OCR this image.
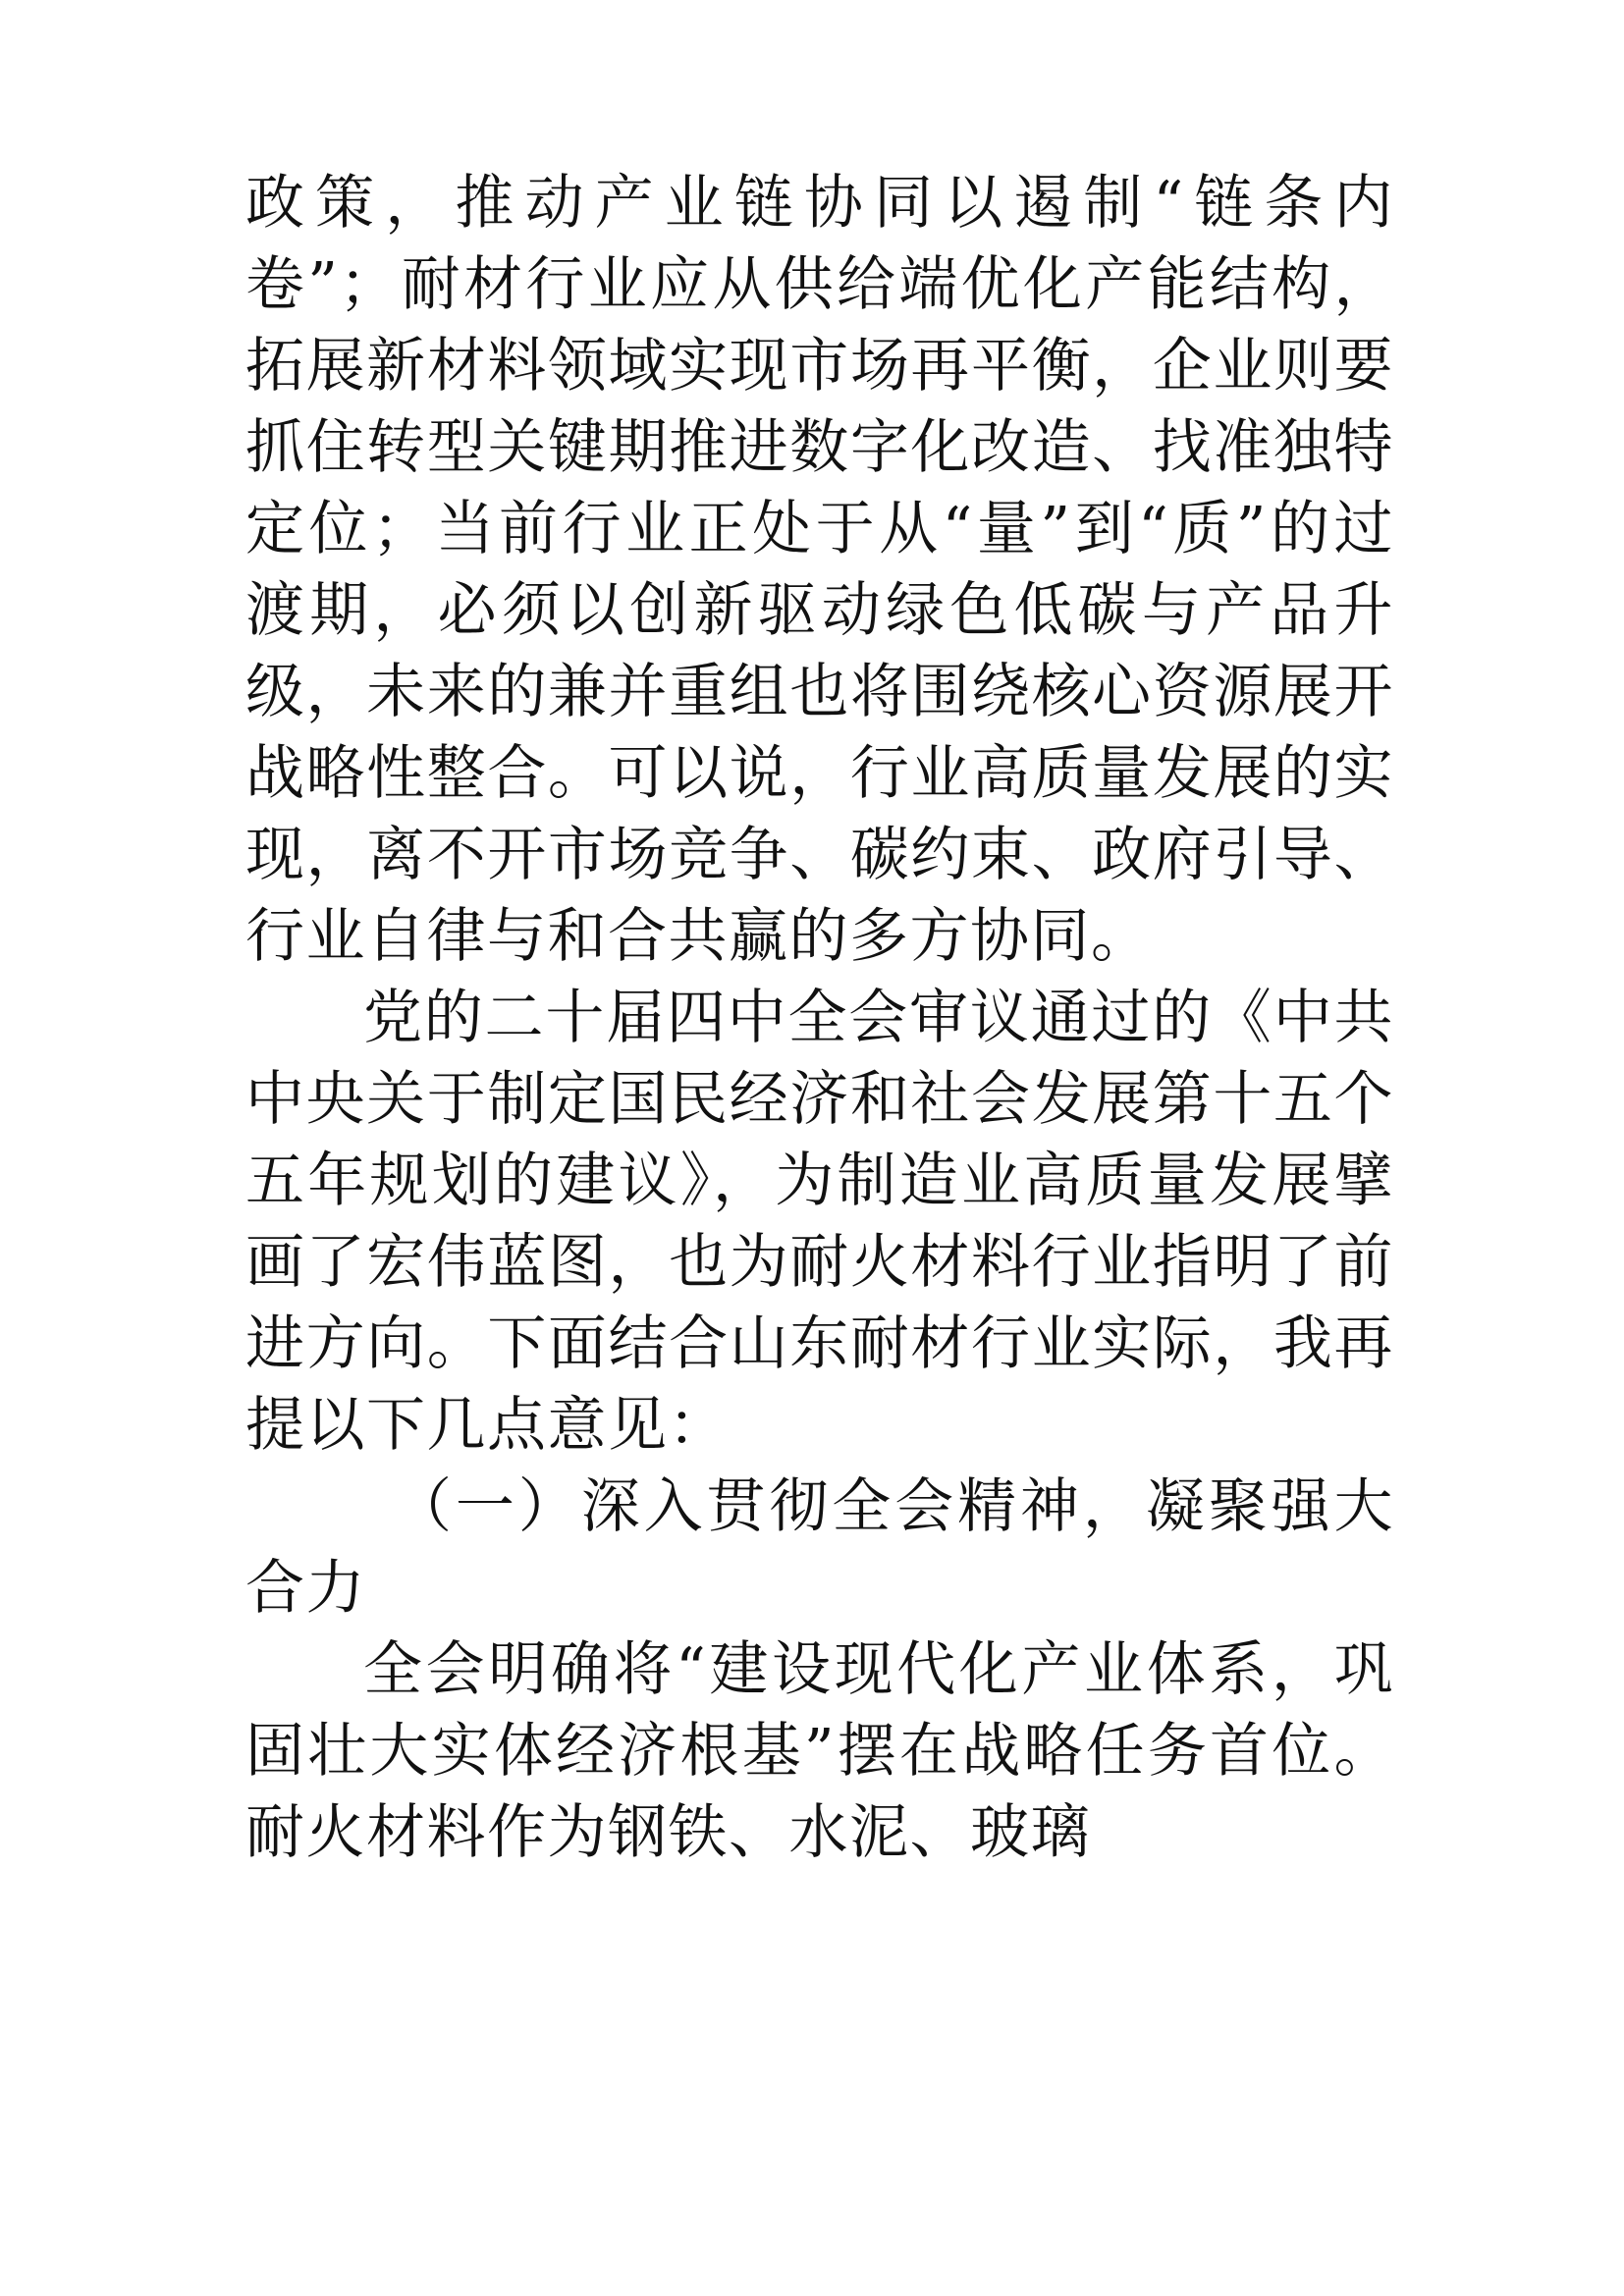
政策，推动产业链协同以遏制“链条内卷”；耐材行业应从供给端优化产能结构，拓展新材料领域实现市场再平衡，企业则要抓住转型关键期推进数字化改造、找准独特定位；当前行业正处于从“量”到“质”的过渡期，必须以创新驱动绿色低碳与产品升级，未来的兼并重组也将围绕核心资源展开战略性整合。可以说，行业高质量发展的实现，离不开市场竞争、碳约束、政府引导、行业自律与和合共赢的多方协同。

党的二十届四中全会审议通过的《中共中央关于制定国民经济和社会发展第十五个五年规划的建议》，为制造业高质量发展擘画了宏伟蓝图，也为耐火材料行业指明了前进方向。下面结合山东耐材行业实际，我再提以下几点意见：

（一）深入贯彻全会精神，凝聚强大合力

全会明确将“建设现代化产业体系，巩固壮大实体经济根基”摆在战略任务首位。耐火材料作为钢铁、水泥、玻璃
